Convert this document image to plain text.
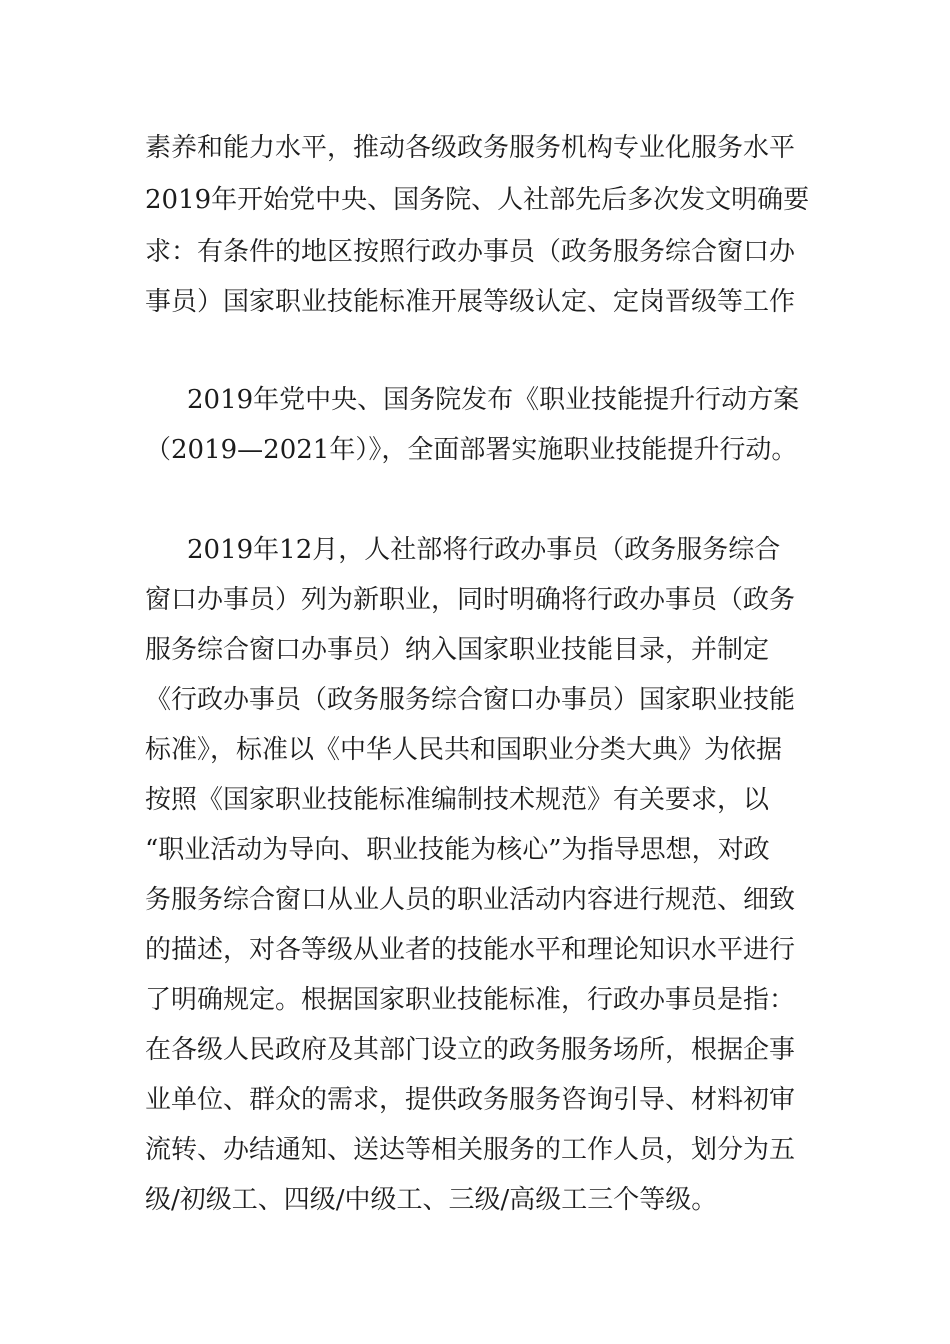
素养和能力水平，推动各级政务服务机构专业化服务水平
2019年开始党中央、国务院、人社部先后多次发文明确要
求：有条件的地区按照行政办事员（政务服务综合窗口办
事员）国家职业技能标准开展等级认定、定岗晋级等工作
2019年党中央、国务院发布《职业技能提升行动方案
（2019—2021年）》，全面部署实施职业技能提升行动。
2019年12月，人社部将行政办事员（政务服务综合
窗口办事员）列为新职业，同时明确将行政办事员（政务
服务综合窗口办事员）纳入国家职业技能目录，并制定
《行政办事员（政务服务综合窗口办事员）国家职业技能
标准》，标准以《中华人民共和国职业分类大典》为依据
按照《国家职业技能标准编制技术规范》有关要求，以
“职业活动为导向、职业技能为核心”为指导思想，对政
务服务综合窗口从业人员的职业活动内容进行规范、细致
的描述，对各等级从业者的技能水平和理论知识水平进行
了明确规定。根据国家职业技能标准，行政办事员是指：
在各级人民政府及其部门设立的政务服务场所，根据企事
业单位、群众的需求，提供政务服务咨询引导、材料初审
流转、办结通知、送达等相关服务的工作人员，划分为五
级/初级工、四级/中级工、三级/高级工三个等级。
